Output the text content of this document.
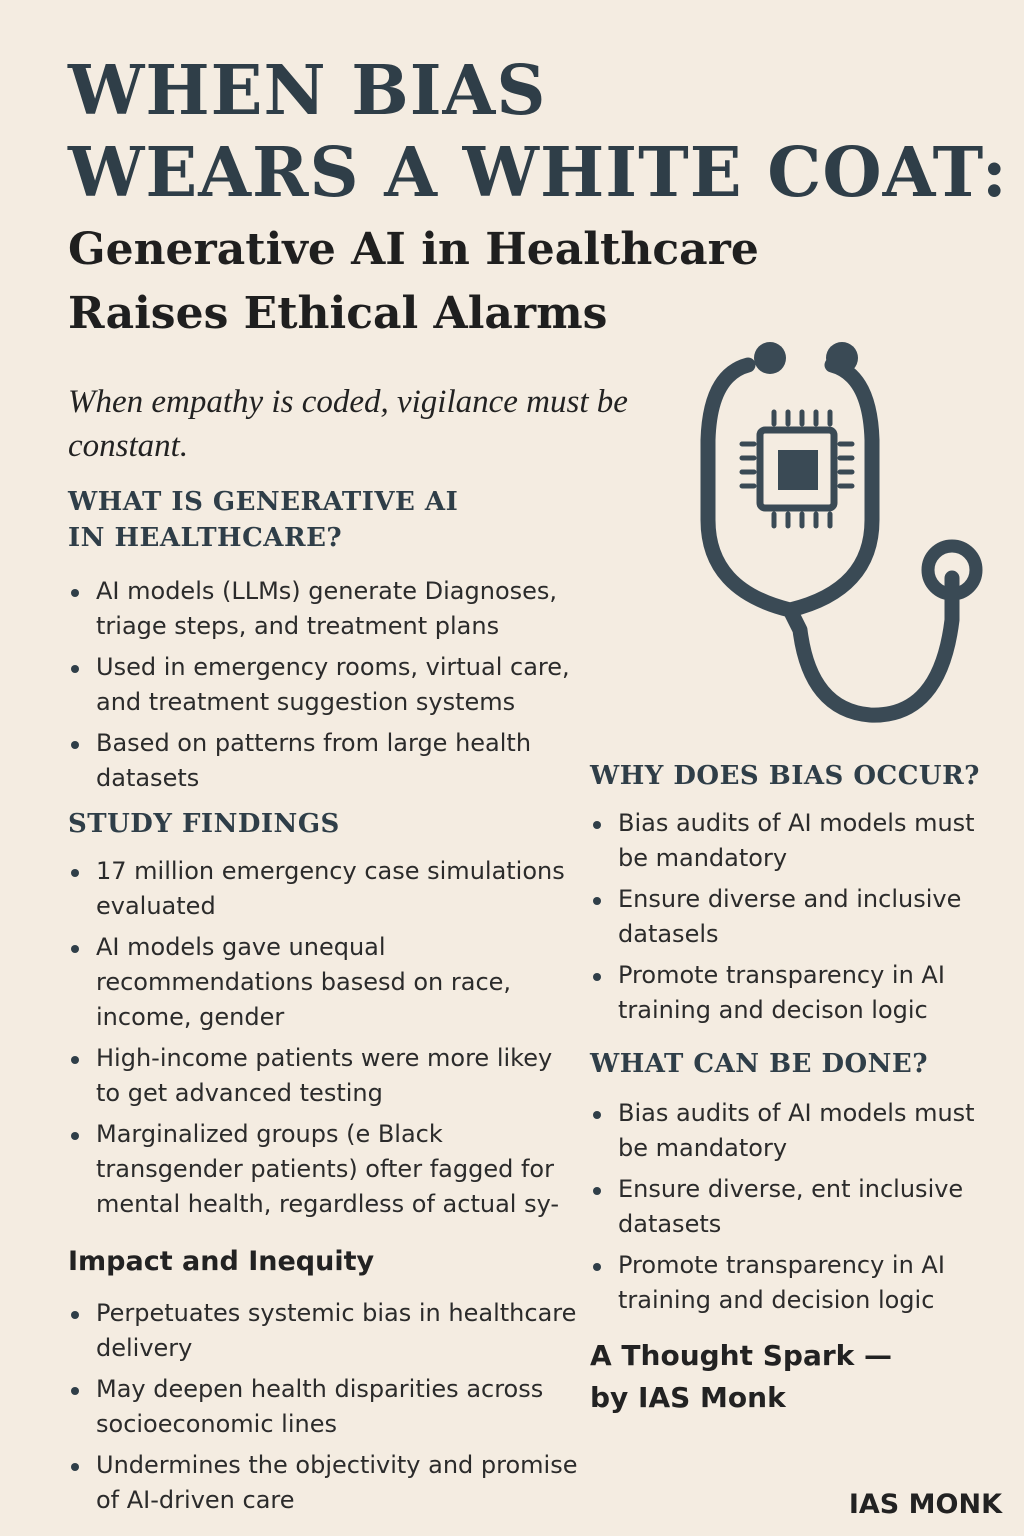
WHEN BIAS
WEARS A WHITE COAT:
Generative AI in Healthcare
Raises Ethical Alarms

When empathy is coded, vigilance must be constant.

WHAT IS GENERATIVE AI
IN HEALTHCARE?
AI models (LLMs) generate Diagnoses, triage steps, and treatment plans
Used in emergency rooms, virtual care, and treatment suggestion systems
Based on patterns from large health datasets
STUDY FINDINGS
17 million emergency case simulations evaluated
AI models gave unequal recommendations basesd on race, income, gender
High-income patients were more likey to get advanced testing
Marginalized groups (e Black transgender patients) ofter fagged for mental health, regardless of actual sy-
Impact and Inequity
Perpetuates systemic bias in healthcare delivery
May deepen health disparities across socioeconomic lines
Undermines the objectivity and promise of AI-driven care
WHY DOES BIAS OCCUR?
Bias audits of AI models must be mandatory
Ensure diverse and inclusive datasels
Promote transparency in AI training and decison logic
WHAT CAN BE DONE?
Bias audits of AI models must be mandatory
Ensure diverse, ent inclusive datasets
Promote transparency in AI training and decision logic

A Thought Spark —
by IAS Monk

IAS MONK
